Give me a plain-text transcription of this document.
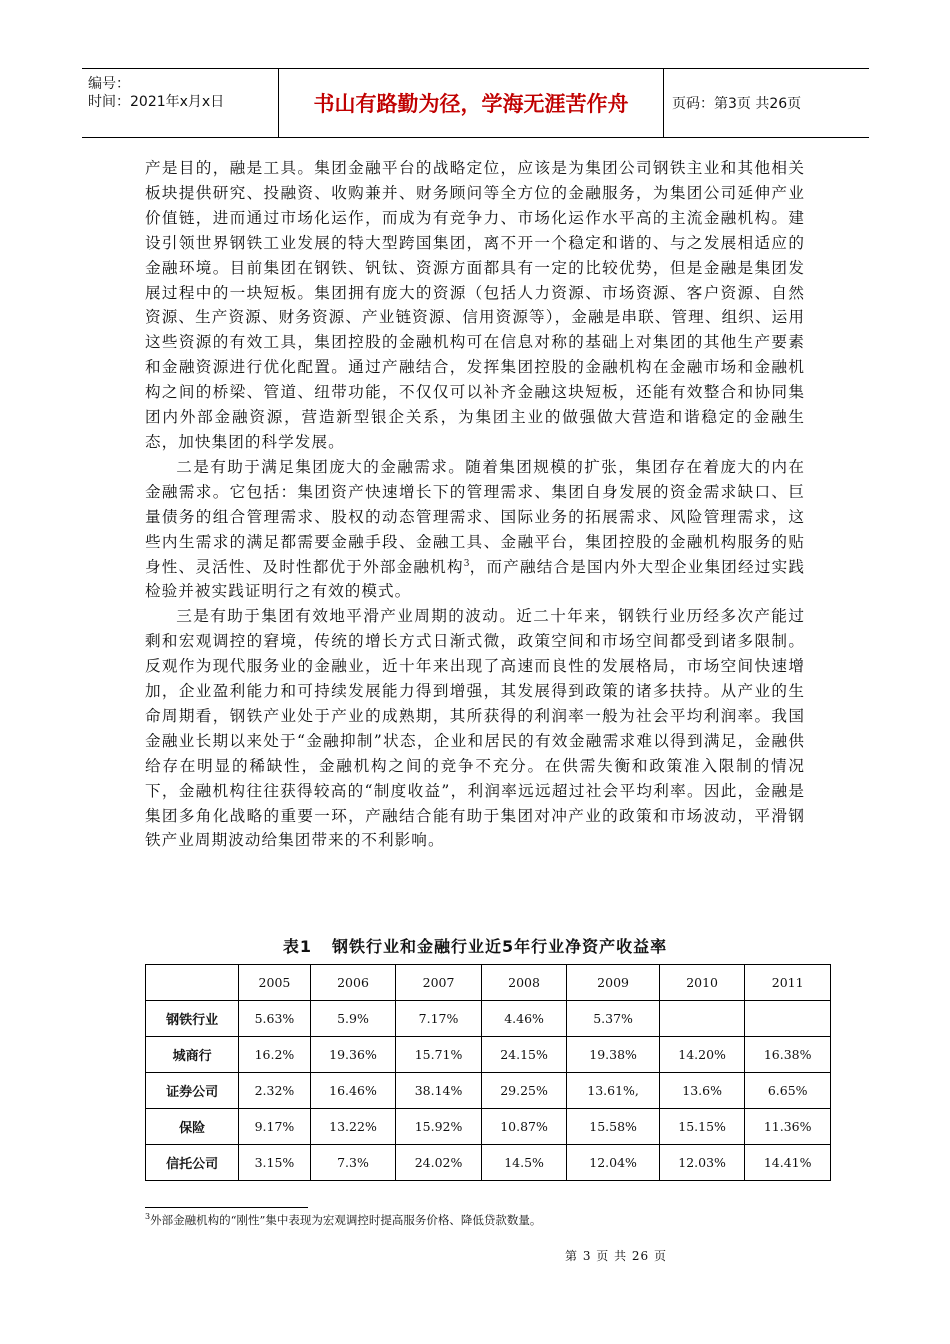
编号：
时间：2021年x月x日	书山有路勤为径，学海无涯苦作舟	页码：第3页 共26页

产是目的，融是工具。集团金融平台的战略定位，应该是为集团公司钢铁主业和其他相关板块提供研究、投融资、收购兼并、财务顾问等全方位的金融服务，为集团公司延伸产业价值链，进而通过市场化运作，而成为有竞争力、市场化运作水平高的主流金融机构。建设引领世界钢铁工业发展的特大型跨国集团，离不开一个稳定和谐的、与之发展相适应的金融环境。目前集团在钢铁、钒钛、资源方面都具有一定的比较优势，但是金融是集团发展过程中的一块短板。集团拥有庞大的资源（包括人力资源、市场资源、客户资源、自然资源、生产资源、财务资源、产业链资源、信用资源等），金融是串联、管理、组织、运用这些资源的有效工具，集团控股的金融机构可在信息对称的基础上对集团的其他生产要素和金融资源进行优化配置。通过产融结合，发挥集团控股的金融机构在金融市场和金融机构之间的桥梁、管道、纽带功能，不仅仅可以补齐金融这块短板，还能有效整合和协同集团内外部金融资源，营造新型银企关系，为集团主业的做强做大营造和谐稳定的金融生态，加快集团的科学发展。

二是有助于满足集团庞大的金融需求。随着集团规模的扩张，集团存在着庞大的内在金融需求。它包括：集团资产快速增长下的管理需求、集团自身发展的资金需求缺口、巨量债务的组合管理需求、股权的动态管理需求、国际业务的拓展需求、风险管理需求，这些内生需求的满足都需要金融手段、金融工具、金融平台，集团控股的金融机构服务的贴身性、灵活性、及时性都优于外部金融机构$^3$，而产融结合是国内外大型企业集团经过实践检验并被实践证明行之有效的模式。

三是有助于集团有效地平滑产业周期的波动。近二十年来，钢铁行业历经多次产能过剩和宏观调控的窘境，传统的增长方式日渐式微，政策空间和市场空间都受到诸多限制。反观作为现代服务业的金融业，近十年来出现了高速而良性的发展格局，市场空间快速增加，企业盈利能力和可持续发展能力得到增强，其发展得到政策的诸多扶持。从产业的生命周期看，钢铁产业处于产业的成熟期，其所获得的利润率一般为社会平均利润率。我国金融业长期以来处于“金融抑制”状态，企业和居民的有效金融需求难以得到满足，金融供给存在明显的稀缺性，金融机构之间的竞争不充分。在供需失衡和政策准入限制的情况下，金融机构往往获得较高的“制度收益”，利润率远远超过社会平均利率。因此，金融是集团多角化战略的重要一环，产融结合能有助于集团对冲产业的政策和市场波动，平滑钢铁产业周期波动给集团带来的不利影响。

表1 钢铁行业和金融行业近5年行业净资产收益率
	2005	2006	2007	2008	2009	2010	2011
钢铁行业	5.63%	5.9%	7.17%	4.46%	5.37%		
城商行	16.2%	19.36%	15.71%	24.15%	19.38%	14.20%	16.38%
证券公司	2.32%	16.46%	38.14%	29.25%	13.61%,	13.6%	6.65%
保险	9.17%	13.22%	15.92%	10.87%	15.58%	15.15%	11.36%
信托公司	3.15%	7.3%	24.02%	14.5%	12.04%	12.03%	14.41%
$^3$外部金融机构的“刚性”集中表现为宏观调控时提高服务价格、降低贷款数量。
第 3 页 共 26 页
